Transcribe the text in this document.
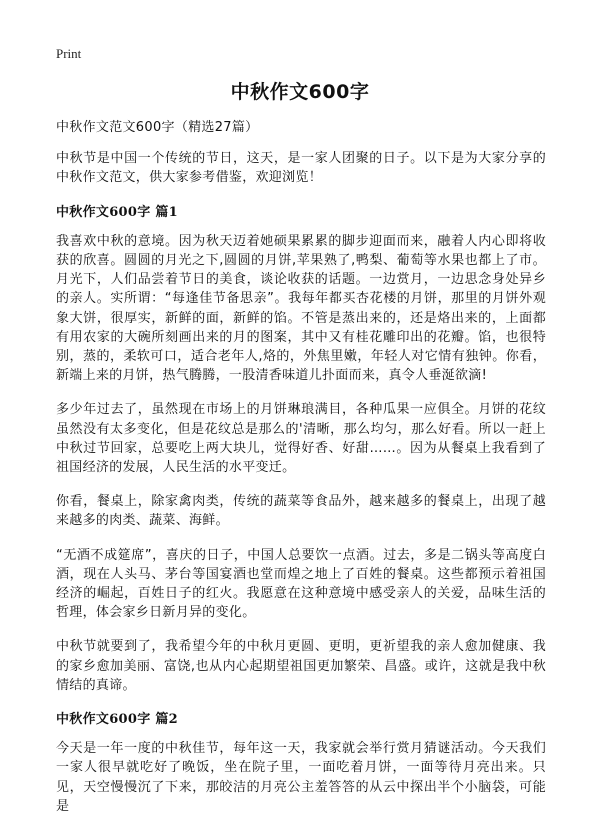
Print
中秋作文600字
中秋作文范文600字（精选27篇）
中秋节是中国一个传统的节日，这天，是一家人团聚的日子。以下是为大家分享的中秋作文范文，供大家参考借鉴，欢迎浏览！
中秋作文600字 篇1
我喜欢中秋的意境。因为秋天迈着她硕果累累的脚步迎面而来，融着人内心即将收获的欣喜。圆圆的月光之下,圆圆的月饼,苹果熟了,鸭梨、葡萄等水果也都上了市。月光下，人们品尝着节日的美食，谈论收获的话题。一边赏月，一边思念身处异乡的亲人。实所谓：“每逢佳节备思亲”。我每年都买杏花楼的月饼，那里的月饼外观象大饼，很厚实，新鲜的面，新鲜的馅。不管是蒸出来的，还是烙出来的，上面都有用农家的大碗所刻画出来的月的图案，其中又有桂花雕印出的花瓣。馅，也很特别，蒸的，柔软可口，适合老年人,烙的，外焦里嫩，年轻人对它情有独钟。你看，新端上来的月饼，热气腾腾，一股清香味道儿扑面而来，真令人垂涎欲滴!
多少年过去了，虽然现在市场上的月饼琳琅满目，各种瓜果一应俱全。月饼的花纹虽然没有太多变化，但是花纹总是那么的'清晰，那么均匀，那么好看。所以一赶上中秋过节回家，总要吃上两大块儿，觉得好香、好甜……。因为从餐桌上我看到了祖国经济的发展，人民生活的水平变迁。
你看，餐桌上，除家禽肉类，传统的蔬菜等食品外，越来越多的餐桌上，出现了越来越多的肉类、蔬菜、海鲜。
“无酒不成筵席”，喜庆的日子，中国人总要饮一点酒。过去，多是二锅头等高度白酒，现在人头马、茅台等国宴酒也堂而煌之地上了百姓的餐桌。这些都预示着祖国经济的崛起，百姓日子的红火。我愿意在这种意境中感受亲人的关爱，品味生活的哲理，体会家乡日新月异的变化。
中秋节就要到了，我希望今年的中秋月更圆、更明，更祈望我的亲人愈加健康、我的家乡愈加美丽、富饶,也从内心起期望祖国更加繁荣、昌盛。或许，这就是我中秋情结的真谛。
中秋作文600字 篇2
今天是一年一度的中秋佳节，每年这一天，我家就会举行赏月猜谜活动。今天我们一家人很早就吃好了晚饭，坐在院子里，一面吃着月饼，一面等待月亮出来。只见，天空慢慢沉了下来，那皎洁的月亮公主羞答答的从云中探出半个小脑袋，可能是
